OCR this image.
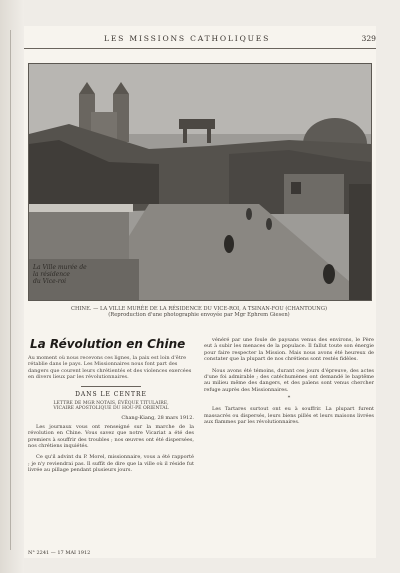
LES MISSIONS CATHOLIQUES	329
La Ville murée de
la résidence
du Vice-roi
CHINE. — LA VILLE MURÉE DE LA RÉSIDENCE DU VICE-ROI, A TSINAN-FOU (CHANTOUNG)
(Reproduction d'une photographie envoyée par Mgr Ephrem Giesen)
La Révolution en Chine
Au moment où nous recevons ces lignes, la paix est loin d'être rétablie dans le pays. Les Missionnaires nous font part des dangers que courent leurs chrétientés et des violences exercées en divers lieux par les révolutionnaires.
DANS LE CENTRE
LETTRE DE MGR NOTAIS, ÉVÊQUE TITULAIRE,
VICAIRE APOSTOLIQUE DU HOU-PÉ ORIENTAL
Chang-Kiang, 28 mars 1912.

Les journaux vous ont renseigné sur la marche de la révolution en Chine. Vous savez que notre Vicariat a été des premiers à souffrir des troubles ; nos œuvres ont été dispersées, nos chrétiens inquiétés.

Ce qu'il advint du P. Morel, missionnaire, vous a été rapporté ; je n'y reviendrai pas. Il suffit de dire que la ville où il réside fut livrée au pillage pendant plusieurs jours.

vénéré par une foule de paysans venus des environs, le Père eut à subir les menaces de la populace. Il fallut toute son énergie pour faire respecter la Mission. Mais nous avons été heureux de constater que la plupart de nos chrétiens sont restés fidèles.

Nous avons été témoins, durant ces jours d'épreuve, des actes d'une foi admirable ; des catéchumènes ont demandé le baptême au milieu même des dangers, et des païens sont venus chercher refuge auprès des Missionnaires.

*

Les Tartares surtout ont eu à souffrir. La plupart furent massacrés ou dispersés, leurs biens pillés et leurs maisons livrées aux flammes par les révolutionnaires.

N° 2241 — 17 MAI 1912
